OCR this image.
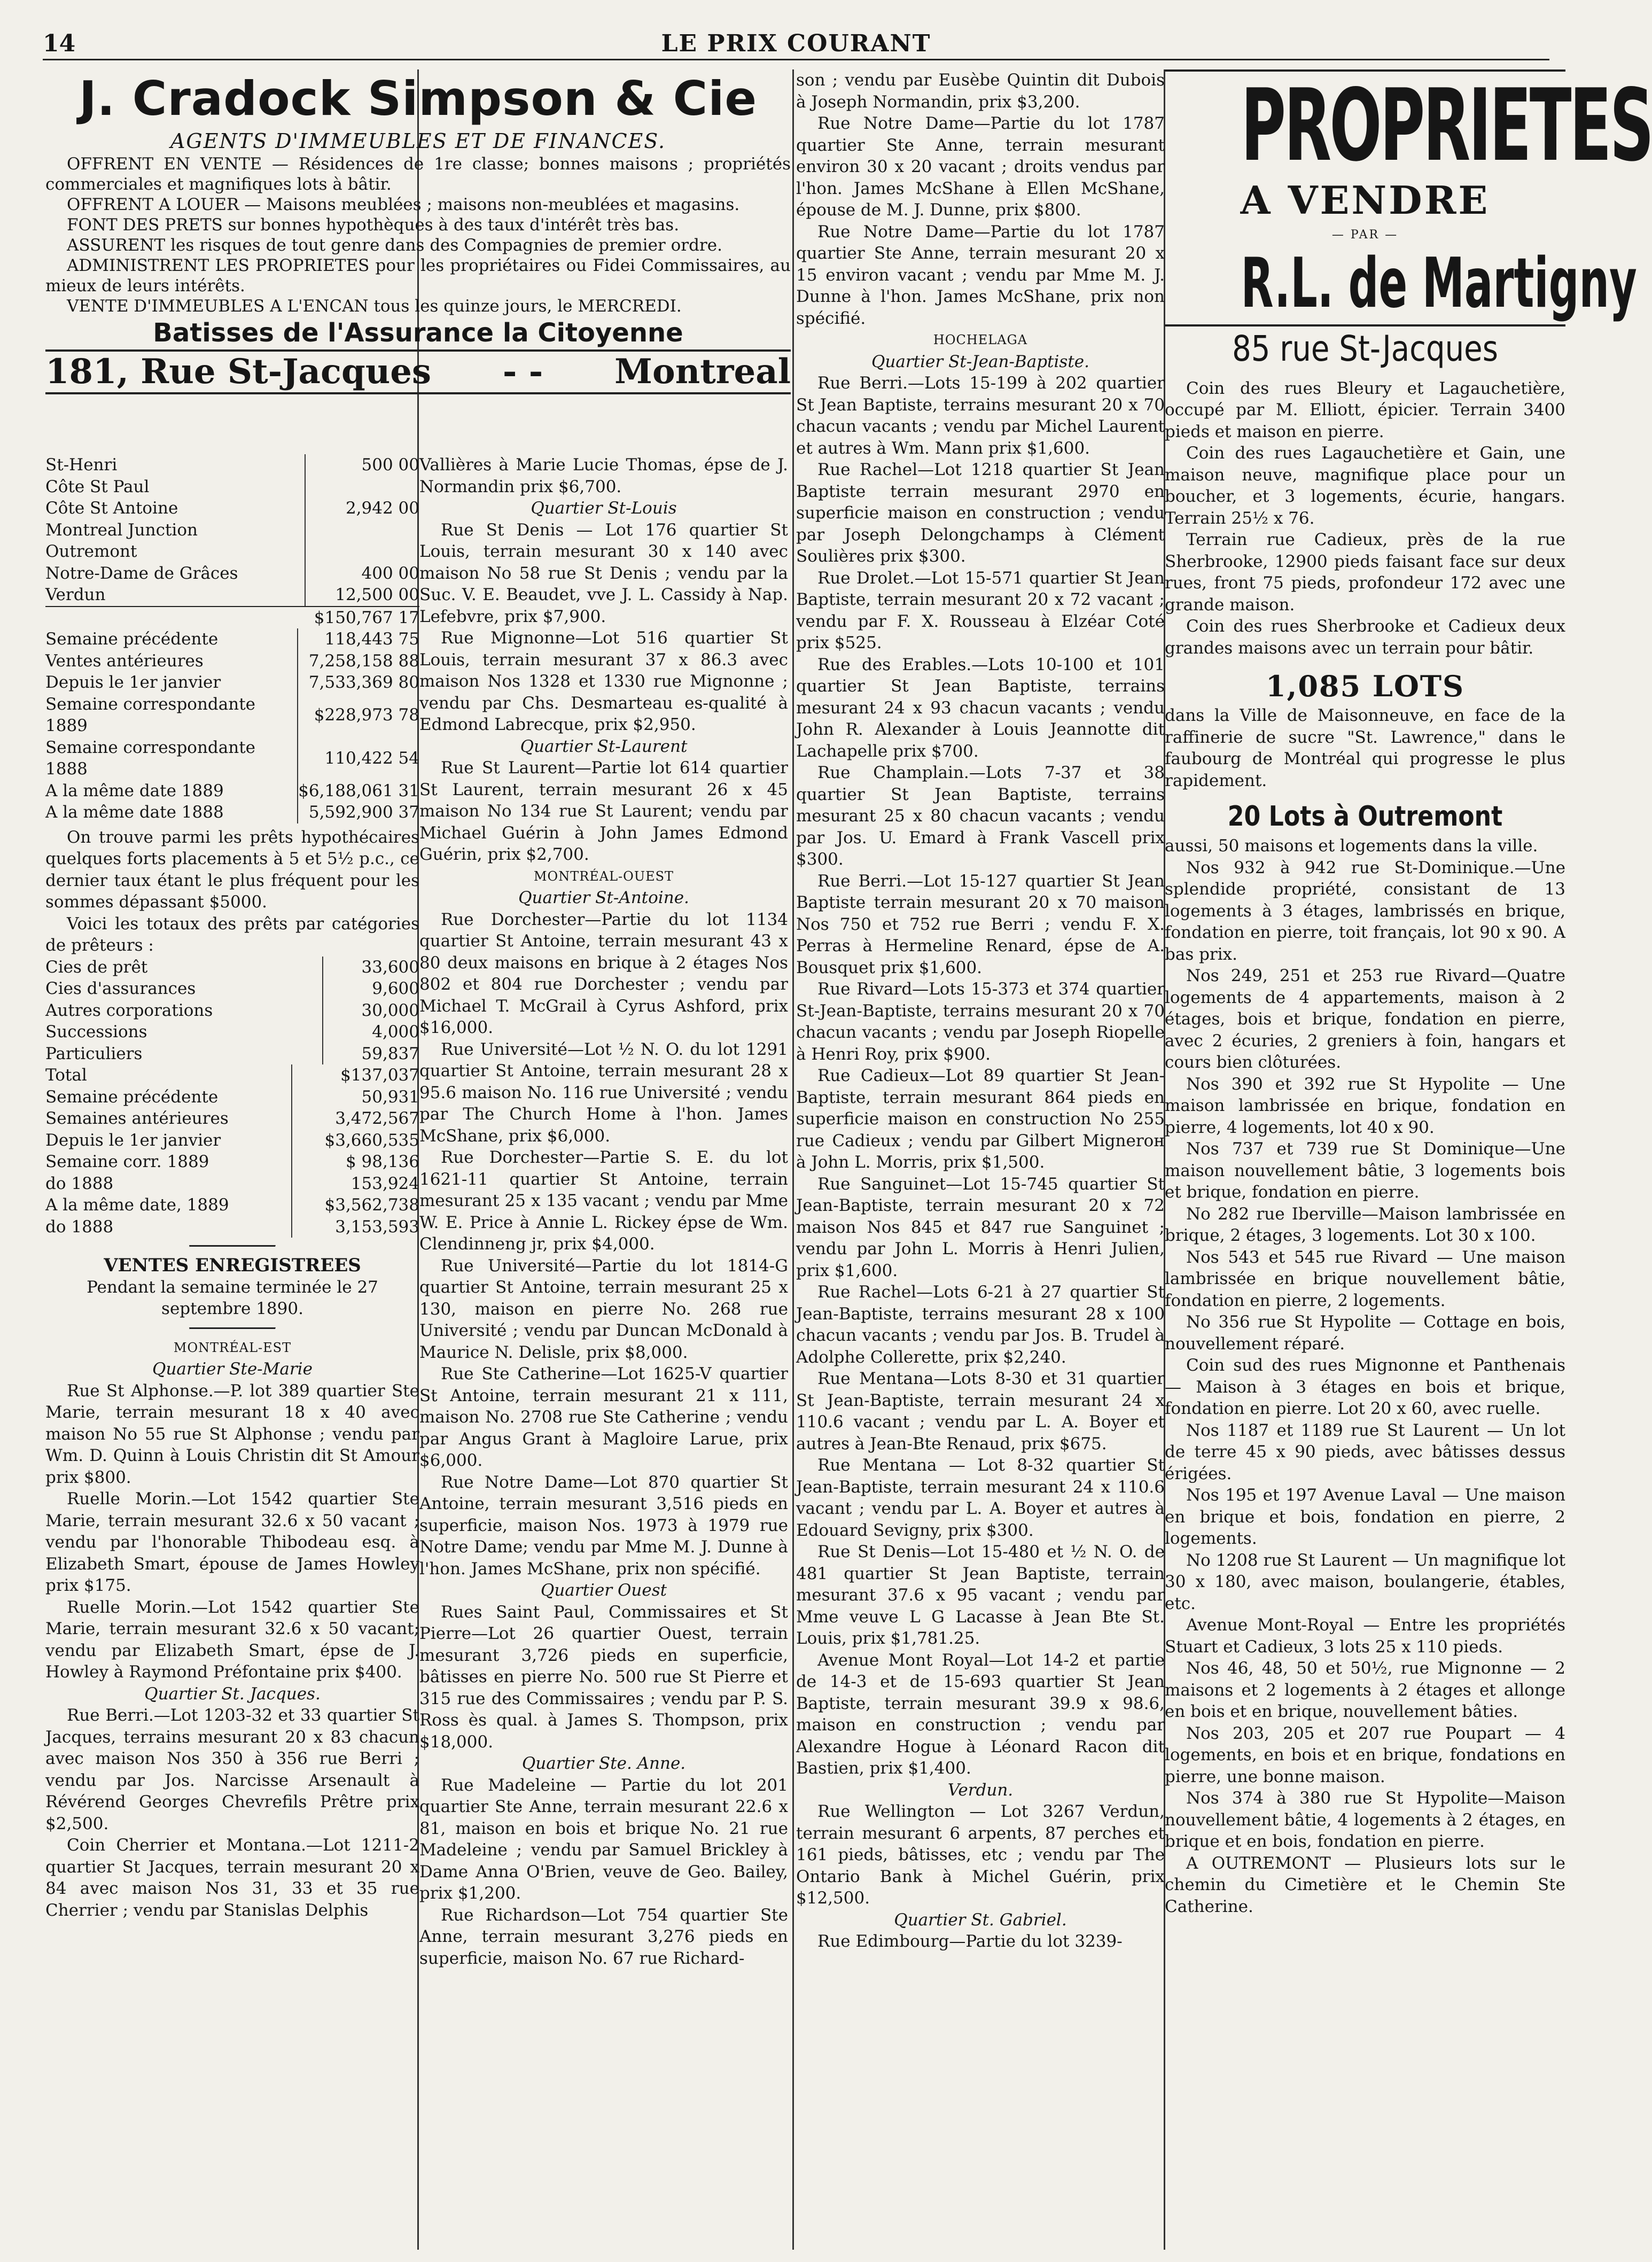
14	LE PRIX COURANT
J. Cradock Simpson & Cie

AGENTS D'IMMEUBLES ET DE FINANCES.

OFFRENT EN VENTE — Résidences de 1re classe; bonnes maisons ; propriétés commerciales et magnifiques lots à bâtir.

OFFRENT A LOUER — Maisons meublées ; maisons non-meublées et magasins.

FONT DES PRETS sur bonnes hypothèques à des taux d'intérêt très bas.

ASSURENT les risques de tout genre dans des Compagnies de premier ordre.

ADMINISTRENT LES PROPRIETES pour les propriétaires ou Fidei Commissaires, au mieux de leurs intérêts.

VENTE D'IMMEUBLES A L'ENCAN tous les quinze jours, le MERCREDI.

Batisses de l'Assurance la Citoyenne
181, Rue St-Jacques - - Montreal
St-Henri	500 00
Côte St Paul	
Côte St Antoine	2,942 00
Montreal Junction	
Outremont	
Notre-Dame de Grâces	400 00
Verdun	12,500 00
	$150,767 17
Semaine précédente	118,443 75
Ventes antérieures	7,258,158 88
Depuis le 1er janvier	7,533,369 80
Semaine correspondante 1889	$228,973 78
Semaine correspondante 1888	110,422 54
A la même date 1889	$6,188,061 31
A la même date 1888	5,592,900 37

On trouve parmi les prêts hypothécaires quelques forts placements à 5 et 5½ p.c., ce dernier taux étant le plus fréquent pour les sommes dépassant $5000.

Voici les totaux des prêts par catégories de prêteurs :

Cies de prêt	33,600
Cies d'assurances	9,600
Autres corporations	30,000
Successions	4,000
Particuliers	59,837
Total	$137,037
Semaine précédente	50,931
Semaines antérieures	3,472,567
Depuis le 1er janvier	$3,660,535
Semaine corr. 1889	$ 98,136
do 1888	153,924
A la même date, 1889	$3,562,738
do 1888	3,153,593

VENTES ENREGISTREES

Pendant la semaine terminée le 27 septembre 1890.

MONTRÉAL-EST

Quartier Ste-Marie

Rue St Alphonse.—P. lot 389 quartier Ste Marie, terrain mesurant 18 x 40 avec maison No 55 rue St Alphonse ; vendu par Wm. D. Quinn à Louis Christin dit St Amour prix $800.

Ruelle Morin.—Lot 1542 quartier Ste Marie, terrain mesurant 32.6 x 50 vacant ; vendu par l'honorable Thibodeau esq. à Elizabeth Smart, épouse de James Howley prix $175.

Ruelle Morin.—Lot 1542 quartier Ste Marie, terrain mesurant 32.6 x 50 vacant; vendu par Elizabeth Smart, épse de J. Howley à Raymond Préfontaine prix $400.

Quartier St. Jacques.

Rue Berri.—Lot 1203-32 et 33 quartier St Jacques, terrains mesurant 20 x 83 chacun avec maison Nos 350 à 356 rue Berri ; vendu par Jos. Narcisse Arsenault à Révérend Georges Chevrefils Prêtre prix $2,500.

Coin Cherrier et Montana.—Lot 1211-2 quartier St Jacques, terrain mesurant 20 x 84 avec maison Nos 31, 33 et 35 rue Cherrier ; vendu par Stanislas Delphis

Vallières à Marie Lucie Thomas, épse de J. Normandin prix $6,700.

Quartier St-Louis

Rue St Denis — Lot 176 quartier St Louis, terrain mesurant 30 x 140 avec maison No 58 rue St Denis ; vendu par la Suc. V. E. Beaudet, vve J. L. Cassidy à Nap. Lefebvre, prix $7,900.

Rue Mignonne—Lot 516 quartier St Louis, terrain mesurant 37 x 86.3 avec maison Nos 1328 et 1330 rue Mignonne ; vendu par Chs. Desmarteau es-qualité à Edmond Labrecque, prix $2,950.

Quartier St-Laurent

Rue St Laurent—Partie lot 614 quartier St Laurent, terrain mesurant 26 x 45 maison No 134 rue St Laurent; vendu par Michael Guérin à John James Edmond Guérin, prix $2,700.

MONTRÉAL-OUEST

Quartier St-Antoine.

Rue Dorchester—Partie du lot 1134 quartier St Antoine, terrain mesurant 43 x 80 deux maisons en brique à 2 étages Nos 802 et 804 rue Dorchester ; vendu par Michael T. McGrail à Cyrus Ashford, prix $16,000.

Rue Université—Lot ½ N. O. du lot 1291 quartier St Antoine, terrain mesurant 28 x 95.6 maison No. 116 rue Université ; vendu par The Church Home à l'hon. James McShane, prix $6,000.

Rue Dorchester—Partie S. E. du lot 1621-11 quartier St Antoine, terrain mesurant 25 x 135 vacant ; vendu par Mme W. E. Price à Annie L. Rickey épse de Wm. Clendinneng jr, prix $4,000.

Rue Université—Partie du lot 1814-G quartier St Antoine, terrain mesurant 25 x 130, maison en pierre No. 268 rue Université ; vendu par Duncan McDonald à Maurice N. Delisle, prix $8,000.

Rue Ste Catherine—Lot 1625-V quartier St Antoine, terrain mesurant 21 x 111, maison No. 2708 rue Ste Catherine ; vendu par Angus Grant à Magloire Larue, prix $6,000.

Rue Notre Dame—Lot 870 quartier St Antoine, terrain mesurant 3,516 pieds en superficie, maison Nos. 1973 à 1979 rue Notre Dame; vendu par Mme M. J. Dunne à l'hon. James McShane, prix non spécifié.

Quartier Ouest

Rues Saint Paul, Commissaires et St Pierre—Lot 26 quartier Ouest, terrain mesurant 3,726 pieds en superficie, bâtisses en pierre No. 500 rue St Pierre et 315 rue des Commissaires ; vendu par P. S. Ross ès qual. à James S. Thompson, prix $18,000.

Quartier Ste. Anne.

Rue Madeleine — Partie du lot 201 quartier Ste Anne, terrain mesurant 22.6 x 81, maison en bois et brique No. 21 rue Madeleine ; vendu par Samuel Brickley à Dame Anna O'Brien, veuve de Geo. Bailey, prix $1,200.

Rue Richardson—Lot 754 quartier Ste Anne, terrain mesurant 3,276 pieds en superficie, maison No. 67 rue Richard-

son ; vendu par Eusèbe Quintin dit Dubois à Joseph Normandin, prix $3,200.

Rue Notre Dame—Partie du lot 1787 quartier Ste Anne, terrain mesurant environ 30 x 20 vacant ; droits vendus par l'hon. James McShane à Ellen McShane, épouse de M. J. Dunne, prix $800.

Rue Notre Dame—Partie du lot 1787 quartier Ste Anne, terrain mesurant 20 x 15 environ vacant ; vendu par Mme M. J. Dunne à l'hon. James McShane, prix non spécifié.

HOCHELAGA

Quartier St-Jean-Baptiste.

Rue Berri.—Lots 15-199 à 202 quartier St Jean Baptiste, terrains mesurant 20 x 70 chacun vacants ; vendu par Michel Laurent et autres à Wm. Mann prix $1,600.

Rue Rachel—Lot 1218 quartier St Jean Baptiste terrain mesurant 2970 en superficie maison en construction ; vendu par Joseph Delongchamps à Clément Soulières prix $300.

Rue Drolet.—Lot 15-571 quartier St Jean Baptiste, terrain mesurant 20 x 72 vacant ; vendu par F. X. Rousseau à Elzéar Coté prix $525.

Rue des Erables.—Lots 10-100 et 101 quartier St Jean Baptiste, terrains mesurant 24 x 93 chacun vacants ; vendu John R. Alexander à Louis Jeannotte dit Lachapelle prix $700.

Rue Champlain.—Lots 7-37 et 38 quartier St Jean Baptiste, terrains mesurant 25 x 80 chacun vacants ; vendu par Jos. U. Emard à Frank Vascell prix $300.

Rue Berri.—Lot 15-127 quartier St Jean Baptiste terrain mesurant 20 x 70 maison Nos 750 et 752 rue Berri ; vendu F. X. Perras à Hermeline Renard, épse de A. Bousquet prix $1,600.

Rue Rivard—Lots 15-373 et 374 quartier St-Jean-Baptiste, terrains mesurant 20 x 70 chacun vacants ; vendu par Joseph Riopelle à Henri Roy, prix $900.

Rue Cadieux—Lot 89 quartier St Jean-Baptiste, terrain mesurant 864 pieds en superficie maison en construction No 255 rue Cadieux ; vendu par Gilbert Mignerон à John L. Morris, prix $1,500.

Rue Sanguinet—Lot 15-745 quartier St Jean-Baptiste, terrain mesurant 20 x 72 maison Nos 845 et 847 rue Sanguinet ; vendu par John L. Morris à Henri Julien, prix $1,600.

Rue Rachel—Lots 6-21 à 27 quartier St Jean-Baptiste, terrains mesurant 28 x 100 chacun vacants ; vendu par Jos. B. Trudel à Adolphe Collerette, prix $2,240.

Rue Mentana—Lots 8-30 et 31 quartier St Jean-Baptiste, terrain mesurant 24 x 110.6 vacant ; vendu par L. A. Boyer et autres à Jean-Bte Renaud, prix $675.

Rue Mentana — Lot 8-32 quartier St Jean-Baptiste, terrain mesurant 24 x 110.6 vacant ; vendu par L. A. Boyer et autres à Edouard Sevigny, prix $300.

Rue St Denis—Lot 15-480 et ½ N. O. de 481 quartier St Jean Baptiste, terrain mesurant 37.6 x 95 vacant ; vendu par Mme veuve L G Lacasse à Jean Bte St. Louis, prix $1,781.25.

Avenue Mont Royal—Lot 14-2 et partie de 14-3 et de 15-693 quartier St Jean Baptiste, terrain mesurant 39.9 x 98.6, maison en construction ; vendu par Alexandre Hogue à Léonard Racon dit Bastien, prix $1,400.

Verdun.

Rue Wellington — Lot 3267 Verdun, terrain mesurant 6 arpents, 87 perches et 161 pieds, bâtisses, etc ; vendu par The Ontario Bank à Michel Guérin, prix $12,500.

Quartier St. Gabriel.

Rue Edimbourg—Partie du lot 3239-

PROPRIETES
A VENDRE
— PAR —
R.L. de Martigny
85 rue St-Jacques

Coin des rues Bleury et Lagauchetière, occupé par M. Elliott, épicier. Terrain 3400 pieds et maison en pierre.

Coin des rues Lagauchetière et Gain, une maison neuve, magnifique place pour un boucher, et 3 logements, écurie, hangars. Terrain 25½ x 76.

Terrain rue Cadieux, près de la rue Sherbrooke, 12900 pieds faisant face sur deux rues, front 75 pieds, profondeur 172 avec une grande maison.

Coin des rues Sherbrooke et Cadieux deux grandes maisons avec un terrain pour bâtir.

1,085 LOTS

dans la Ville de Maisonneuve, en face de la raffinerie de sucre "St. Lawrence," dans le faubourg de Montréal qui progresse le plus rapidement.

20 Lots à Outremont

aussi, 50 maisons et logements dans la ville.

Nos 932 à 942 rue St-Dominique.—Une splendide propriété, consistant de 13 logements à 3 étages, lambrissés en brique, fondation en pierre, toit français, lot 90 x 90. A bas prix.

Nos 249, 251 et 253 rue Rivard—Quatre logements de 4 appartements, maison à 2 étages, bois et brique, fondation en pierre, avec 2 écuries, 2 greniers à foin, hangars et cours bien clôturées.

Nos 390 et 392 rue St Hypolite — Une maison lambrissée en brique, fondation en pierre, 4 logements, lot 40 x 90.

Nos 737 et 739 rue St Dominique—Une maison nouvellement bâtie, 3 logements bois et brique, fondation en pierre.

No 282 rue Iberville—Maison lambrissée en brique, 2 étages, 3 logements. Lot 30 x 100.

Nos 543 et 545 rue Rivard — Une maison lambrissée en brique nouvellement bâtie, fondation en pierre, 2 logements.

No 356 rue St Hypolite — Cottage en bois, nouvellement réparé.

Coin sud des rues Mignonne et Panthenais — Maison à 3 étages en bois et brique, fondation en pierre. Lot 20 x 60, avec ruelle.

Nos 1187 et 1189 rue St Laurent — Un lot de terre 45 x 90 pieds, avec bâtisses dessus érigées.

Nos 195 et 197 Avenue Laval — Une maison en brique et bois, fondation en pierre, 2 logements.

No 1208 rue St Laurent — Un magnifique lot 30 x 180, avec maison, boulangerie, étables, etc.

Avenue Mont-Royal — Entre les propriétés Stuart et Cadieux, 3 lots 25 x 110 pieds.

Nos 46, 48, 50 et 50½, rue Mignonne — 2 maisons et 2 logements à 2 étages et allonge en bois et en brique, nouvellement bâties.

Nos 203, 205 et 207 rue Poupart — 4 logements, en bois et en brique, fondations en pierre, une bonne maison.

Nos 374 à 380 rue St Hypolite—Maison nouvellement bâtie, 4 logements à 2 étages, en brique et en bois, fondation en pierre.

A OUTREMONT — Plusieurs lots sur le chemin du Cimetière et le Chemin Ste Catherine.
